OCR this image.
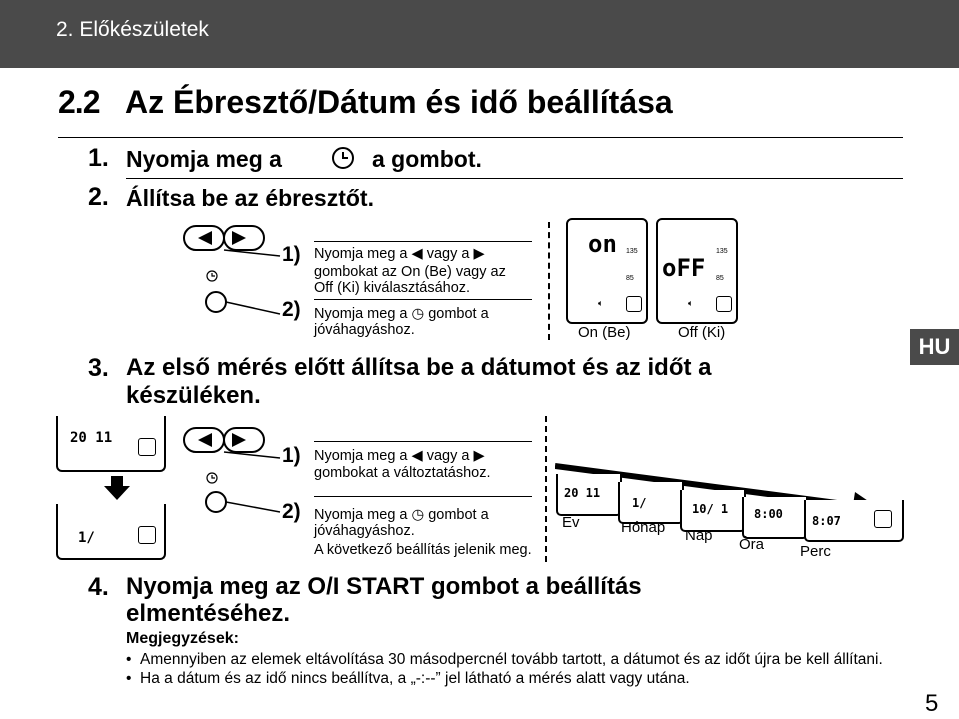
2. Előkészületek
2.2 Az Ébresztő/Dátum és idő beállítása
1. Nyomja meg a	a gombot.
2. Állítsa be az ébresztőt.
1)
2)
Nyomja meg a ◀ vagy a ▶
gombokat az On (Be) vagy az
Off (Ki) kiválasztásához.
Nyomja meg a ◷ gombot a
jóváhagyáshoz.
on 135
85
🔈︎
On (Be)
oFF
135
85
🔈︎
Off (Ki)
HU
3. Az első mérés előtt állítsa be a dátumot és az időt a
készüléken.
20 11
1/
1)
2)
Nyomja meg a ◀ vagy a ▶
gombokat a változtatáshoz.
Nyomja meg a ◷ gombot a
jóváhagyáshoz.
A következő beállítás jelenik meg.
20 11
Év
1/
Hónap
10/ 1
Nap
8:00
Óra
8:07
Perc
4. Nyomja meg az O/I START gombot a beállítás
elmentéséhez.
Megjegyzések:
•  Amennyiben az elemek eltávolítása 30 másodpercnél tovább tartott, a dátumot és az időt újra be kell állítani.
•  Ha a dátum és az idő nincs beállítva, a „-:--” jel látható a mérés alatt vagy utána.
5
